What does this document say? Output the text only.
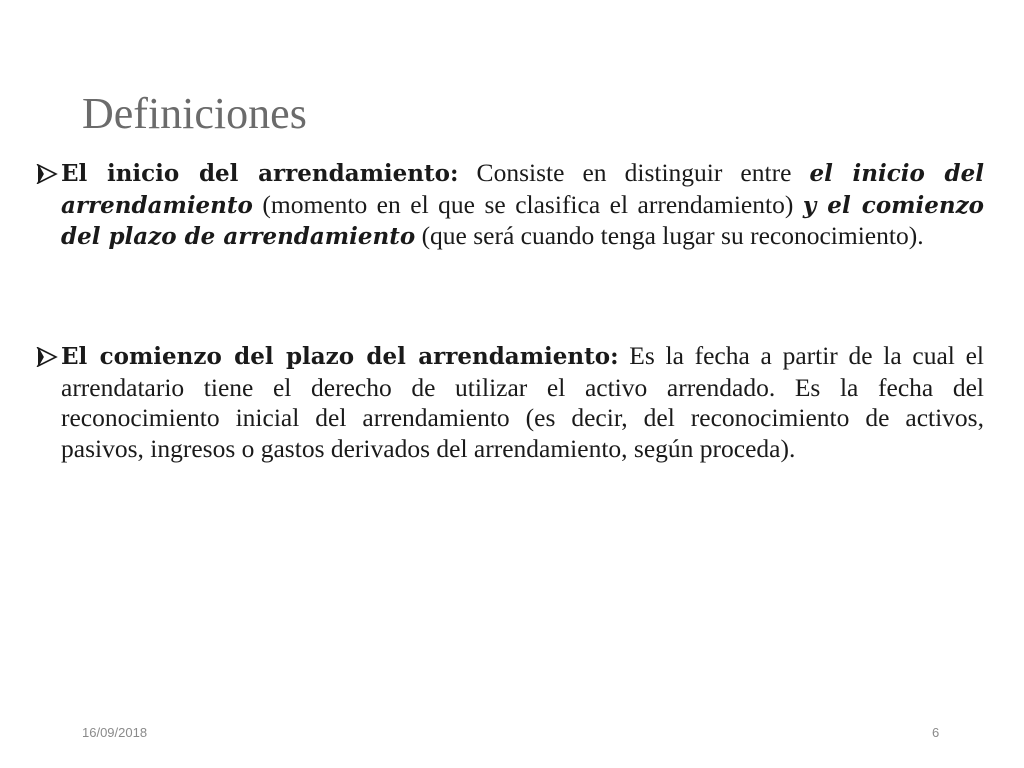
Definiciones
El inicio del arrendamiento: Consiste en distinguir entre el inicio del arrendamiento (momento en el que se clasifica el arrendamiento) y el comienzo del plazo de arrendamiento (que será cuando tenga lugar su reconocimiento).
El comienzo del plazo del arrendamiento: Es la fecha a partir de la cual el arrendatario tiene el derecho de utilizar el activo arrendado. Es la fecha del reconocimiento inicial del arrendamiento (es decir, del reconocimiento de activos, pasivos, ingresos o gastos derivados del arrendamiento, según proceda).
16/09/2018	6
